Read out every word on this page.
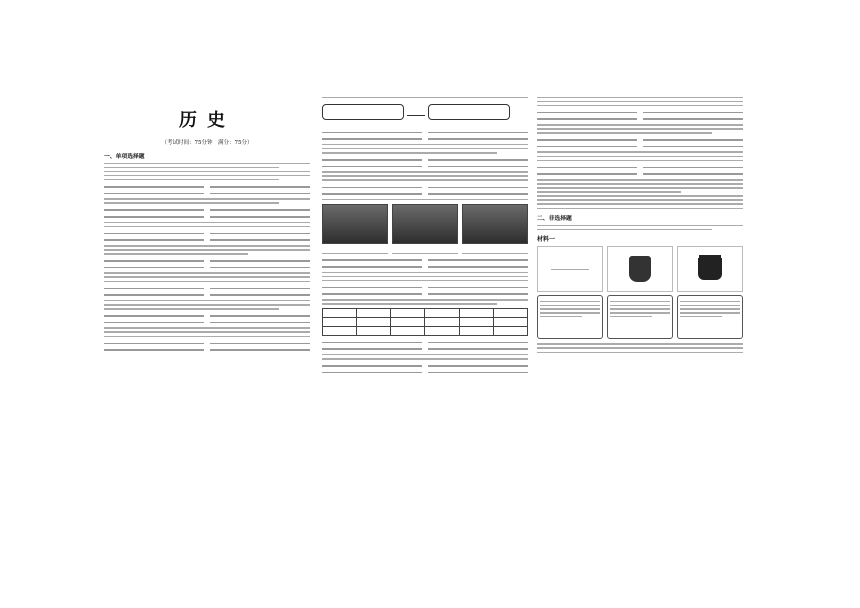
历史
（考试时间：75分钟　满分：75分）
一、单项选择题

二、非选择题
材料一
